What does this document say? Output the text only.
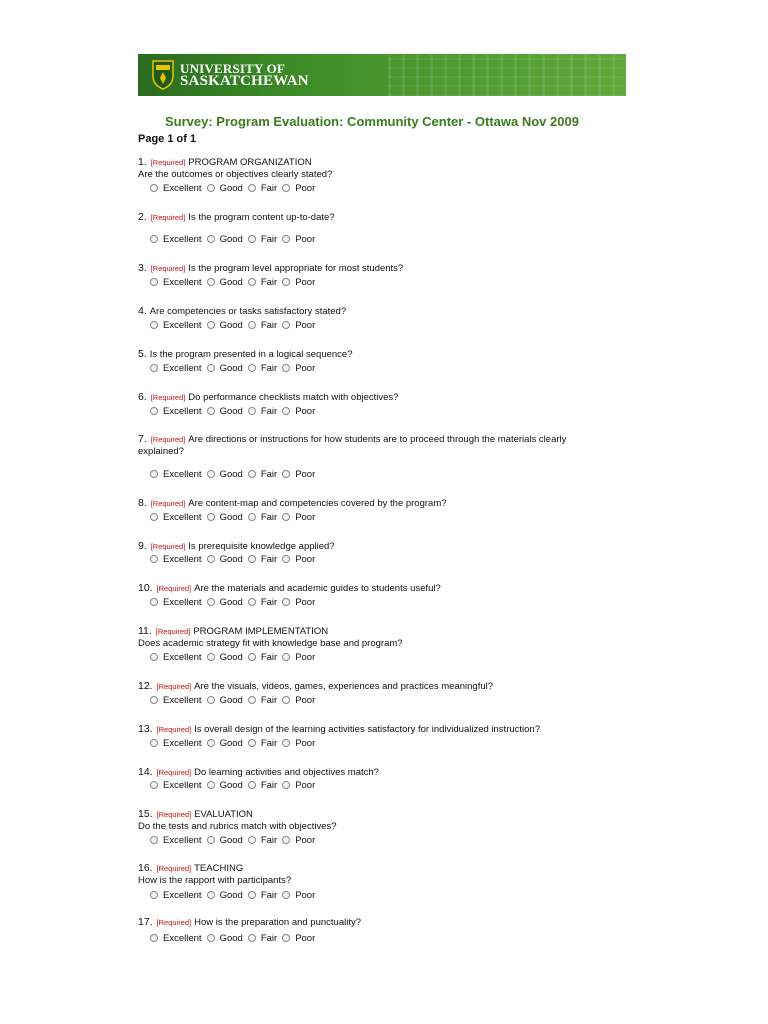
UNIVERSITY OF
SASKATCHEWAN
Survey: Program Evaluation: Community Center - Ottawa Nov 2009
Page 1 of 1
1. [Required] PROGRAM ORGANIZATION
Are the outcomes or objectives clearly stated?
Excellent Good Fair Poor
2. [Required] Is the program content up-to-date?
Excellent Good Fair Poor
3. [Required] Is the program level appropriate for most students?
Excellent Good Fair Poor
4. Are competencies or tasks satisfactory stated?
Excellent Good Fair Poor
5. Is the program presented in a logical sequence?
Excellent Good Fair Poor
6. [Required] Do performance checklists match with objectives?
Excellent Good Fair Poor
7. [Required] Are directions or instructions for how students are to proceed through the materials clearly explained?
Excellent Good Fair Poor
8. [Required] Are content-map and competencies covered by the program?
Excellent Good Fair Poor
9. [Required] Is prerequisite knowledge applied?
Excellent Good Fair Poor
10. [Required] Are the materials and academic guides to students useful?
Excellent Good Fair Poor
11. [Required] PROGRAM IMPLEMENTATION
Does academic strategy fit with knowledge base and program?
Excellent Good Fair Poor
12. [Required] Are the visuals, videos, games, experiences and practices meaningful?
Excellent Good Fair Poor
13. [Required] Is overall design of the learning activities satisfactory for individualized instruction?
Excellent Good Fair Poor
14. [Required] Do learning activities and objectives match?
Excellent Good Fair Poor
15. [Required] EVALUATION
Do the tests and rubrics match with objectives?
Excellent Good Fair Poor
16. [Required] TEACHING
How is the rapport with participants?
Excellent Good Fair Poor
17. [Required] How is the preparation and punctuality?
Excellent Good Fair Poor
